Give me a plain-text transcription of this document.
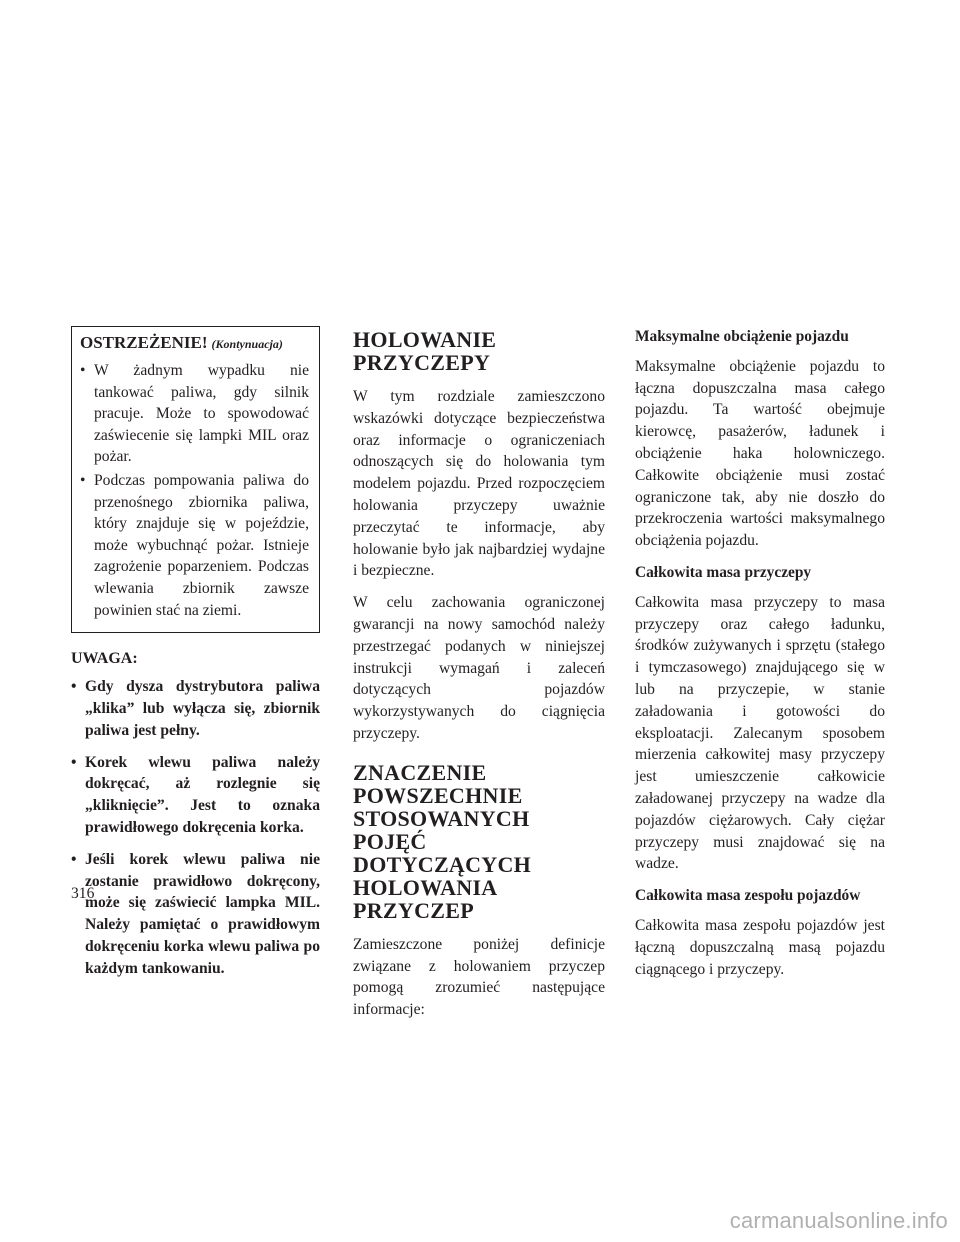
OSTRZEŻENIE! (Kontynuacja)

• W żadnym wypadku nie tankować paliwa, gdy silnik pracuje. Może to spowodować zaświecenie się lampki MIL oraz pożar.
• Podczas pompowania paliwa do przenośnego zbiornika paliwa, który znajduje się w pojeździe, może wybuchnąć pożar. Istnieje zagrożenie poparzeniem. Podczas wlewania zbiornik zawsze powinien stać na ziemi.

UWAGA:

• Gdy dysza dystrybutora paliwa „klika” lub wyłącza się, zbiornik paliwa jest pełny.
• Korek wlewu paliwa należy dokręcać, aż rozlegnie się „kliknięcie”. Jest to oznaka prawidłowego dokręcenia korka.
• Jeśli korek wlewu paliwa nie zostanie prawidłowo dokręcony, może się zaświecić lampka MIL. Należy pamiętać o prawidłowym dokręceniu korka wlewu paliwa po każdym tankowaniu.
HOLOWANIE PRZYCZEPY

W tym rozdziale zamieszczono wskazówki dotyczące bezpieczeństwa oraz informacje o ograniczeniach odnoszących się do holowania tym modelem pojazdu. Przed rozpoczęciem holowania przyczepy uważnie przeczytać te informacje, aby holowanie było jak najbardziej wydajne i bezpieczne.

W celu zachowania ograniczonej gwarancji na nowy samochód należy przestrzegać podanych w niniejszej instrukcji wymagań i zaleceń dotyczących pojazdów wykorzystywanych do ciągnięcia przyczepy.

ZNACZENIE POWSZECHNIE STOSOWANYCH POJĘĆ DOTYCZĄCYCH HOLOWANIA PRZYCZEP

Zamieszczone poniżej definicje związane z holowaniem przyczep pomogą zrozumieć następujące informacje:

Maksymalne obciążenie pojazdu

Maksymalne obciążenie pojazdu to łączna dopuszczalna masa całego pojazdu. Ta wartość obejmuje kierowcę, pasażerów, ładunek i obciążenie haka holowniczego. Całkowite obciążenie musi zostać ograniczone tak, aby nie doszło do przekroczenia wartości maksymalnego obciążenia pojazdu.

Całkowita masa przyczepy

Całkowita masa przyczepy to masa przyczepy oraz całego ładunku, środków zużywanych i sprzętu (stałego i tymczasowego) znajdującego się w lub na przyczepie, w stanie załadowania i gotowości do eksploatacji. Zalecanym sposobem mierzenia całkowitej masy przyczepy jest umieszczenie całkowicie załadowanej przyczepy na wadze dla pojazdów ciężarowych. Cały ciężar przyczepy musi znajdować się na wadze.

Całkowita masa zespołu pojazdów

Całkowita masa zespołu pojazdów jest łączną dopuszczalną masą pojazdu ciągnącego i przyczepy.

316
carmanualsonline.info
